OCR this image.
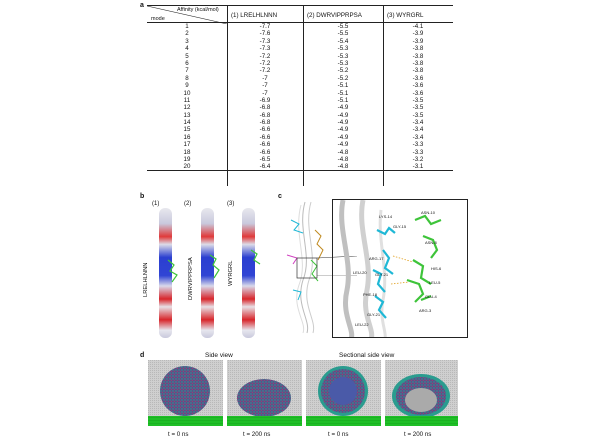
a
Affinity (kcal/mol)
mode	(1) LRELHLNNN	(2) DWRVIPPRPSA	(3) WYRGRL
1	-7.7	-5.5	-4.1
2	-7.6	-5.5	-3.9
3	-7.3	-5.4	-3.9
4	-7.3	-5.3	-3.8
5	-7.2	-5.3	-3.8
6	-7.2	-5.3	-3.8
7	-7.2	-5.2	-3.8
8	-7	-5.2	-3.6
9	-7	-5.1	-3.6
10	-7	-5.1	-3.6
11	-6.9	-5.1	-3.5
12	-6.8	-4.9	-3.5
13	-6.8	-4.9	-3.5
14	-6.8	-4.9	-3.4
15	-6.6	-4.9	-3.4
16	-6.6	-4.9	-3.4
17	-6.6	-4.9	-3.3
18	-6.6	-4.8	-3.3
19	-6.5	-4.8	-3.2
20	-6.4	-4.8	-3.1
b
(1)	(2)	(3)
LRELHLNNN	DWRVIPPRPSA	WYRGRL
c
LYS-14
ASN-10
GLY-15
ASN-8
ARG-17
LEU-20 GLY-21
HIS-6
LEU-5
PHE-18	GLU-4
ARG-3
GLY-21
LEU-22
d	Side view	Sectional side view
t = 0 ns	t = 200 ns	t = 0 ns	t = 200 ns
